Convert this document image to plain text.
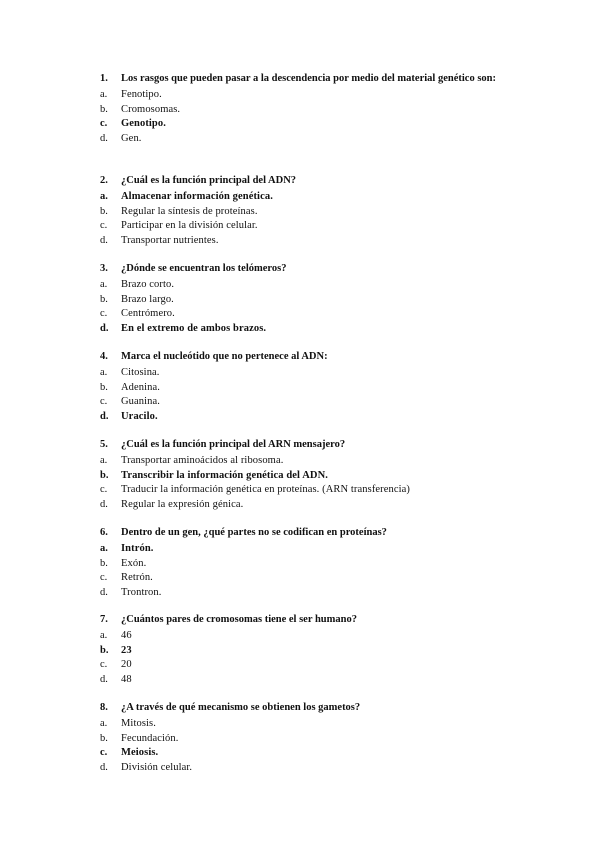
1.	Los rasgos que pueden pasar a la descendencia por medio del material genético son:
a.	Fenotipo.
b.	Cromosomas.
c.	Genotipo.
d.	Gen.
2.	¿Cuál es la función principal del ADN?
a.	Almacenar información genética.
b.	Regular la síntesis de proteínas.
c.	Participar en la división celular.
d.	Transportar nutrientes.
3.	¿Dónde se encuentran los telómeros?
a.	Brazo corto.
b.	Brazo largo.
c.	Centrómero.
d.	En el extremo de ambos brazos.
4.	Marca el nucleótido que no pertenece al ADN:
a.	Citosina.
b.	Adenina.
c.	Guanina.
d.	Uracilo.
5.	¿Cuál es la función principal del ARN mensajero?
a.	Transportar aminoácidos al ribosoma.
b.	Transcribir la información genética del ADN.
c.	Traducir la información genética en proteínas. (ARN transferencia)
d.	Regular la expresión génica.
6.	Dentro de un gen, ¿qué partes no se codifican en proteínas?
a.	Intrón.
b.	Exón.
c.	Retrón.
d.	Trontron.
7.	¿Cuántos pares de cromosomas tiene el ser humano?
a.	46
b.	23
c.	20
d.	48
8.	¿A través de qué mecanismo se obtienen los gametos?
a.	Mitosis.
b.	Fecundación.
c.	Meiosis.
d.	División celular.
